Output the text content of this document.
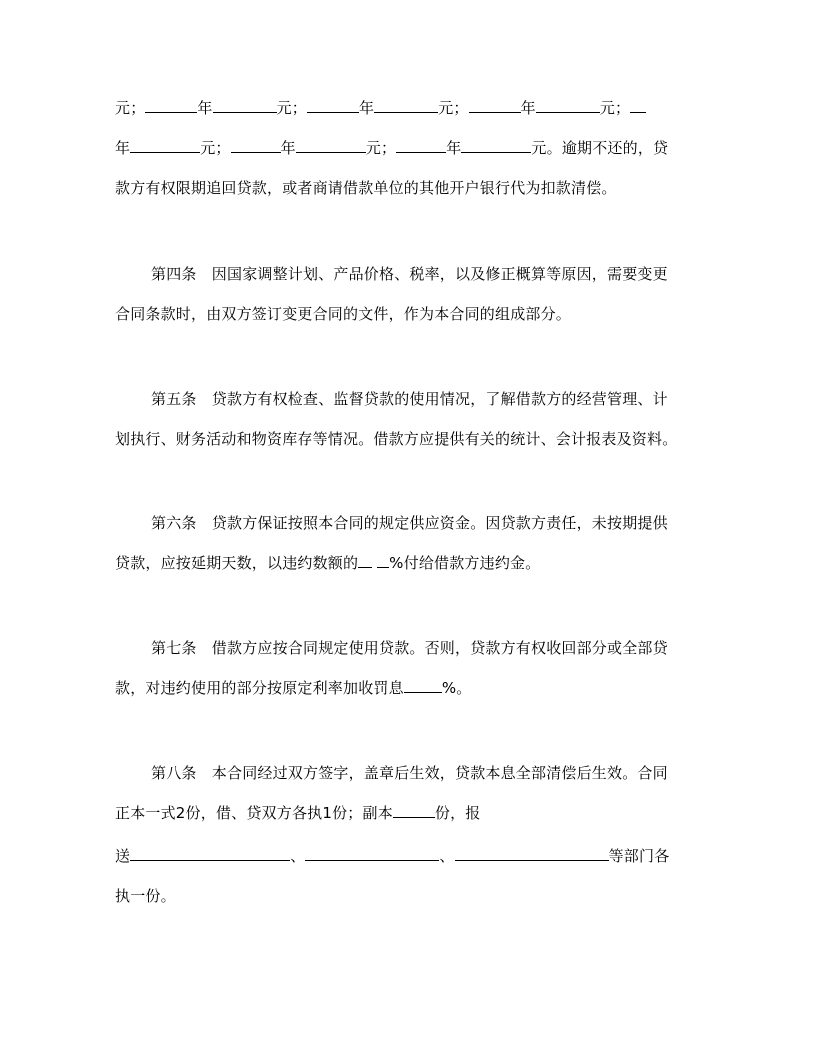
元；	年	元；	年	元；	年	元；
年	元；	年	元；	年	元。逾期不还的，贷
款方有权限期追回贷款，或者商请借款单位的其他开户银行代为扣款清偿。
第四条　因国家调整计划、产品价格、税率，以及修正概算等原因，需要变更
合同条款时，由双方签订变更合同的文件，作为本合同的组成部分。
第五条　贷款方有权检查、监督贷款的使用情况，了解借款方的经营管理、计
划执行、财务活动和物资库存等情况。借款方应提供有关的统计、会计报表及资料。
第六条　贷款方保证按照本合同的规定供应资金。因贷款方责任，未按期提供
贷款，应按延期天数，以违约数额的 %付给借款方违约金。
第七条　借款方应按合同规定使用贷款。否则，贷款方有权收回部分或全部贷
款，对违约使用的部分按原定利率加收罚息	%。
第八条　本合同经过双方签字，盖章后生效，贷款本息全部清偿后生效。合同
正本一式2份，借、贷双方各执1份；副本	份，报
送	、	、	等部门各
执一份。
